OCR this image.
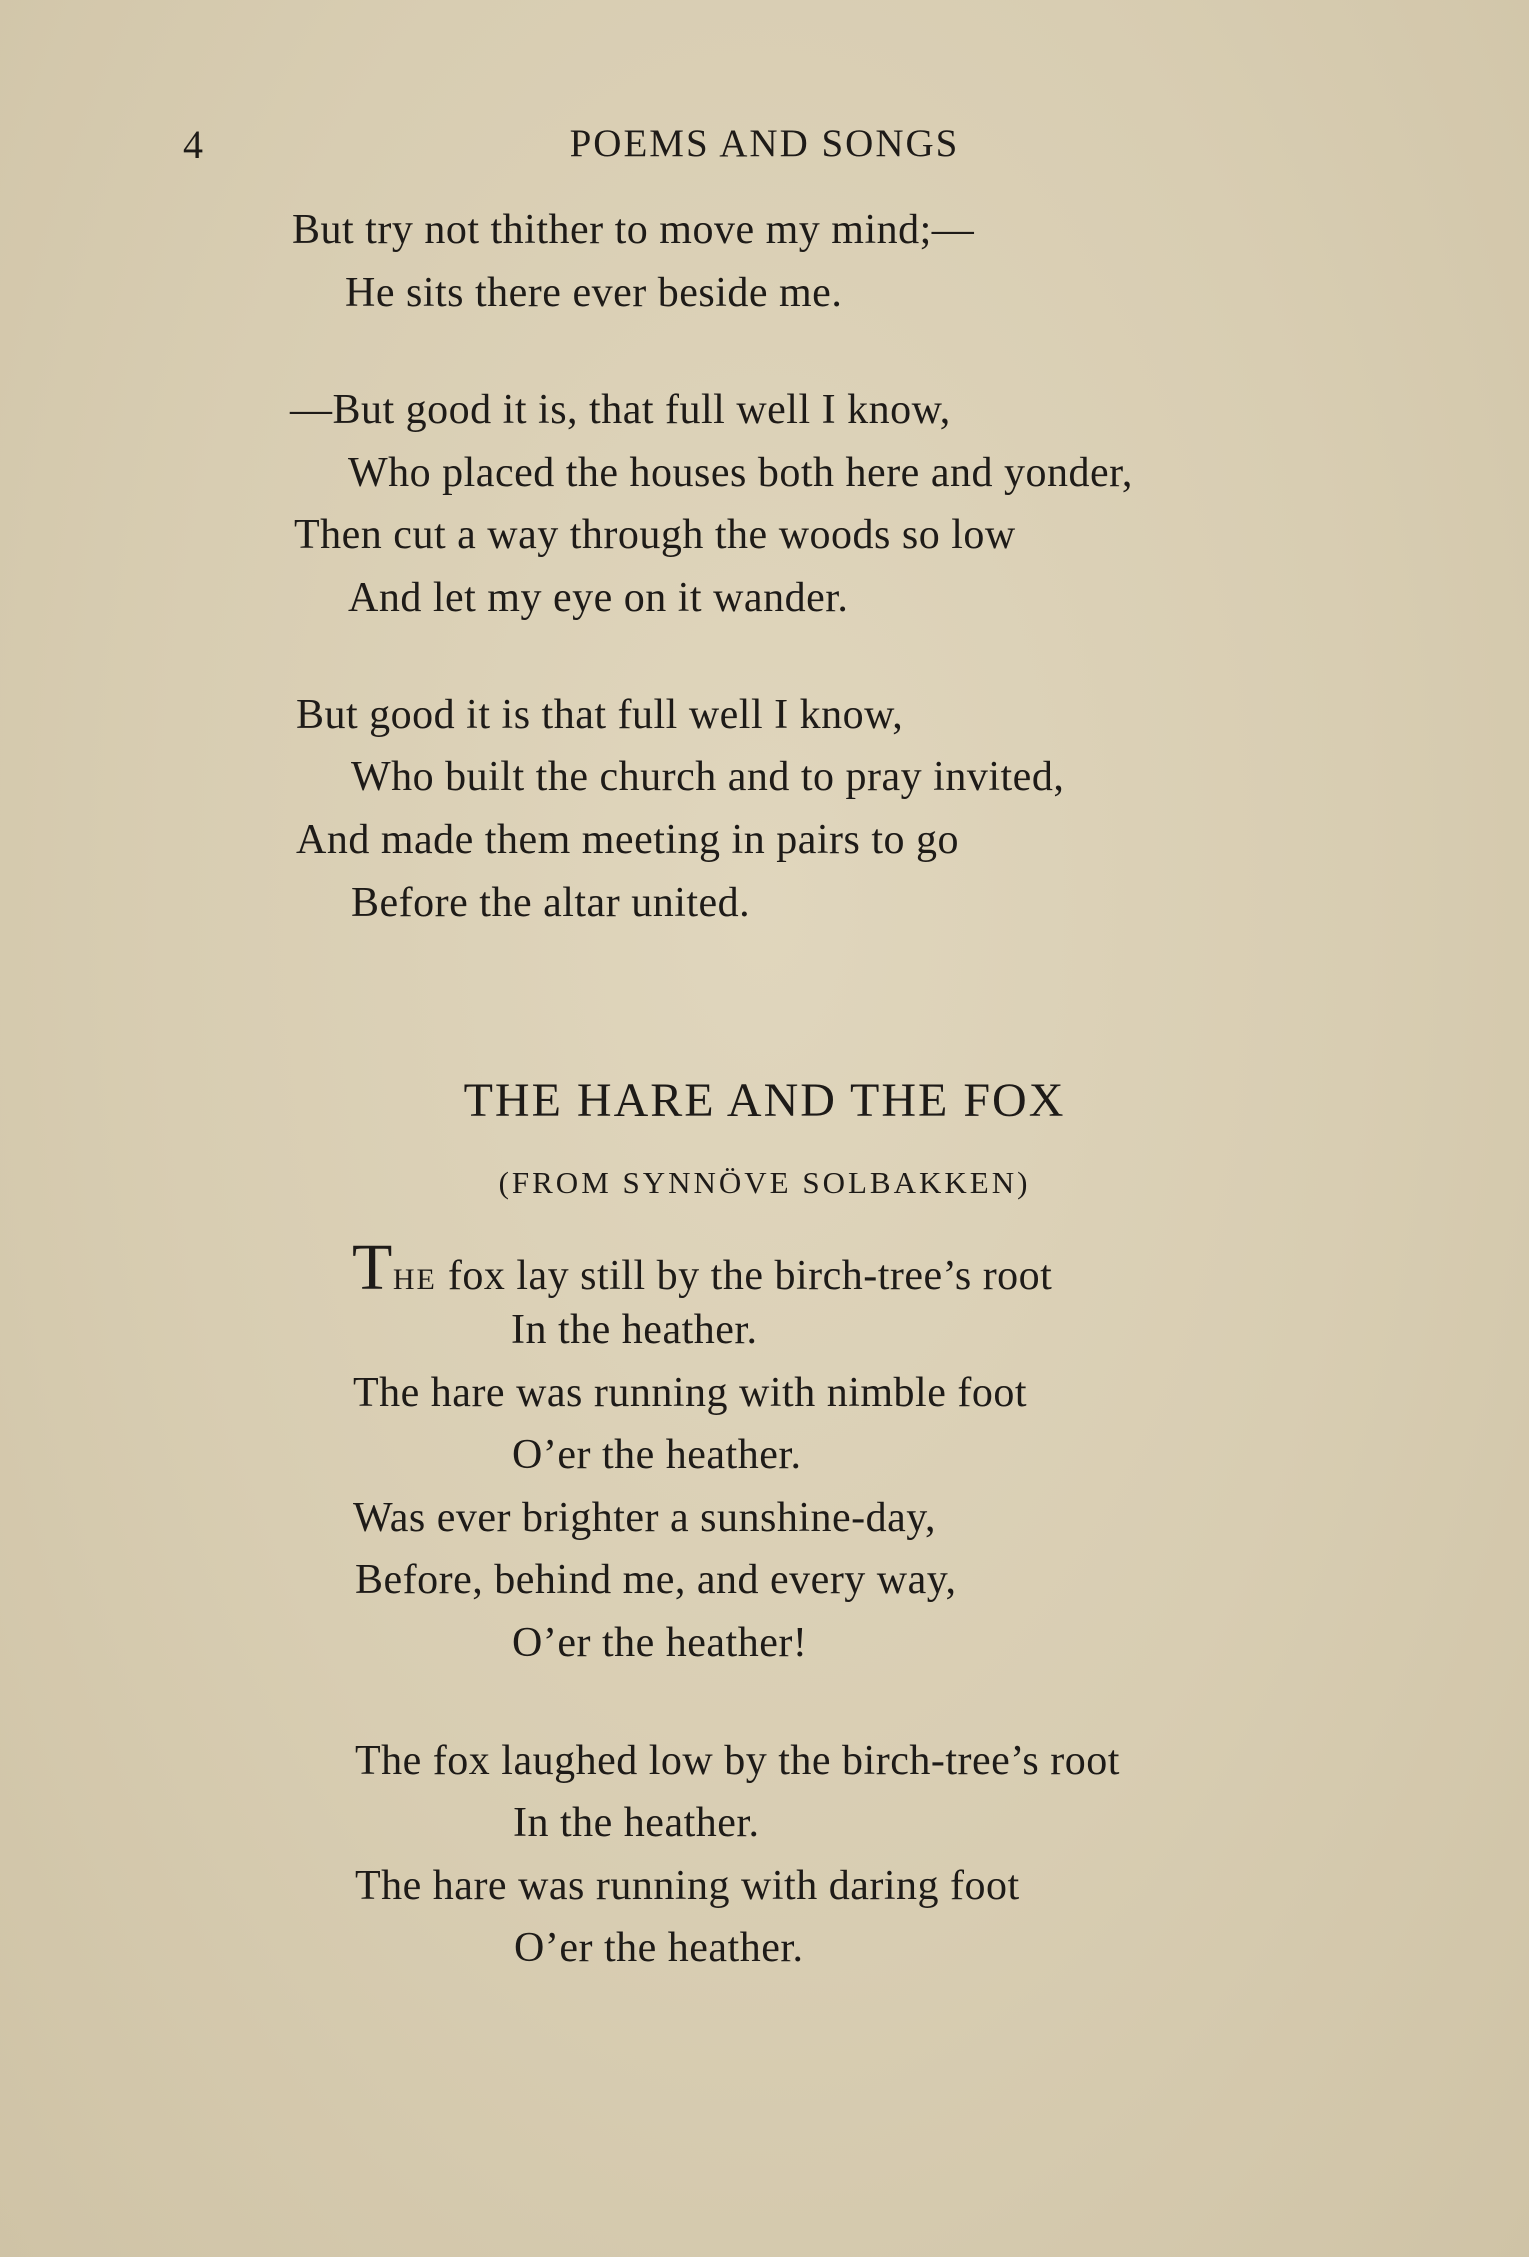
4	POEMS AND SONGS
But try not thither to move my mind;—
He sits there ever beside me.
—But good it is, that full well I know,
Who placed the houses both here and yonder,
Then cut a way through the woods so low
And let my eye on it wander.
But good it is that full well I know,
Who built the church and to pray invited,
And made them meeting in pairs to go
Before the altar united.
THE HARE AND THE FOX
(FROM SYNNÖVE SOLBAKKEN)
THE fox lay still by the birch-tree’s root
In the heather.
The hare was running with nimble foot
O’er the heather.
Was ever brighter a sunshine-day,
Before, behind me, and every way,
O’er the heather!
The fox laughed low by the birch-tree’s root
In the heather.
The hare was running with daring foot
O’er the heather.
